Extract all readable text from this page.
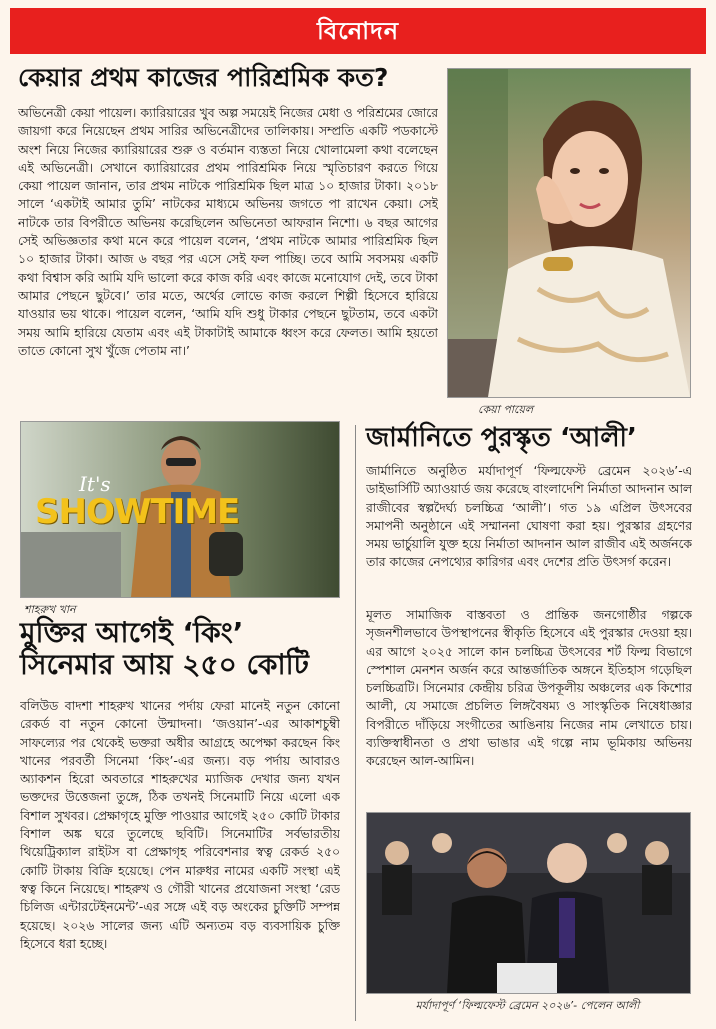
বিনোদন
কেয়ার প্রথম কাজের পারিশ্রমিক কত?

অভিনেত্রী কেয়া পায়েল। ক্যারিয়ারের খুব অল্প সময়েই নিজের মেধা ও পরিশ্রমের জোরে জায়গা করে নিয়েছেন প্রথম সারির অভিনেত্রীদের তালিকায়। সম্প্রতি একটি পডকাস্টে অংশ নিয়ে নিজের ক্যারিয়ারের শুরু ও বর্তমান ব্যস্ততা নিয়ে খোলামেলা কথা বলেছেন এই অভিনেত্রী। সেখানে ক্যারিয়ারের প্রথম পারিশ্রমিক নিয়ে স্মৃতিচারণ করতে গিয়ে কেয়া পায়েল জানান, তার প্রথম নাটকে পারিশ্রমিক ছিল মাত্র ১০ হাজার টাকা। ২০১৮ সালে ‘একটাই আমার তুমি’ নাটকের মাধ্যমে অভিনয় জগতে পা রাখেন কেয়া। সেই নাটকে তার বিপরীতে অভিনয় করেছিলেন অভিনেতা আফরান নিশো। ৬ বছর আগের সেই অভিজ্ঞতার কথা মনে করে পায়েল বলেন, ‘প্রথম নাটকে আমার পারিশ্রমিক ছিল ১০ হাজার টাকা। আজ ৬ বছর পর এসে সেই ফল পাচ্ছি। তবে আমি সবসময় একটি কথা বিশ্বাস করি আমি যদি ভালো করে কাজ করি এবং কাজে মনোযোগ দেই, তবে টাকা আমার পেছনে ছুটবে।’ তার মতে, অর্থের লোভে কাজ করলে শিল্পী হিসেবে হারিয়ে যাওয়ার ভয় থাকে। পায়েল বলেন, ‘আমি যদি শুধু টাকার পেছনে ছুটতাম, তবে একটা সময় আমি হারিয়ে যেতাম এবং এই টাকাটাই আমাকে ধ্বংস করে ফেলত। আমি হয়তো তাতে কোনো সুখ খুঁজে পেতাম না।’

কেয়া পায়েল
It's
SHOWTIME
শাহরুখ খান
মুক্তির আগেই ‘কিং’
সিনেমার আয় ২৫০ কোটি

বলিউড বাদশা শাহরুখ খানের পর্দায় ফেরা মানেই নতুন কোনো রেকর্ড বা নতুন কোনো উন্মাদনা। ‘জওয়ান’-এর আকাশচুম্বী সাফল্যের পর থেকেই ভক্তরা অধীর আগ্রহে অপেক্ষা করছেন কিং খানের পরবর্তী সিনেমা ‘কিং’-এর জন্য। বড় পর্দায় আবারও অ্যাকশন হিরো অবতারে শাহরুখের ম্যাজিক দেখার জন্য যখন ভক্তদের উত্তেজনা তুঙ্গে, ঠিক তখনই সিনেমাটি নিয়ে এলো এক বিশাল সুখবর। প্রেক্ষাগৃহে মুক্তি পাওয়ার আগেই ২৫০ কোটি টাকার বিশাল অঙ্ক ঘরে তুলেছে ছবিটি। সিনেমাটির সর্বভারতীয় থিয়েট্রিক্যাল রাইটস বা প্রেক্ষাগৃহ পরিবেশনার স্বত্ব রেকর্ড ২৫০ কোটি টাকায় বিক্রি হয়েছে। পেন মারুধর নামের একটি সংস্থা এই স্বত্ব কিনে নিয়েছে। শাহরুখ ও গৌরী খানের প্রযোজনা সংস্থা ‘রেড চিলিজ এন্টারটেইনমেন্ট’-এর সঙ্গে এই বড় অংকের চুক্তিটি সম্পন্ন হয়েছে। ২০২৬ সালের জন্য এটি অন্যতম বড় ব্যবসায়িক চুক্তি হিসেবে ধরা হচ্ছে।

জার্মানিতে পুরস্কৃত ‘আলী’

জার্মানিতে অনুষ্ঠিত মর্যাদাপূর্ণ ‘ফিল্মফেস্ট ব্রেমেন ২০২৬’-এ ডাইভার্সিটি অ্যাওয়ার্ড জয় করেছে বাংলাদেশি নির্মাতা আদনান আল রাজীবের স্বল্পদৈর্ঘ্য চলচ্চিত্র ‘আলী’। গত ১৯ এপ্রিল উৎসবের সমাপনী অনুষ্ঠানে এই সম্মাননা ঘোষণা করা হয়। পুরস্কার গ্রহণের সময় ভার্চুয়ালি যুক্ত হয়ে নির্মাতা আদনান আল রাজীব এই অর্জনকে তার কাজের নেপথ্যের কারিগর এবং দেশের প্রতি উৎসর্গ করেন।

মূলত সামাজিক বাস্তবতা ও প্রান্তিক জনগোষ্ঠীর গল্পকে সৃজনশীলভাবে উপস্থাপনের স্বীকৃতি হিসেবে এই পুরস্কার দেওয়া হয়। এর আগে ২০২৫ সালে কান চলচ্চিত্র উৎসবের শর্ট ফিল্ম বিভাগে স্পেশাল মেনশন অর্জন করে আন্তর্জাতিক অঙ্গনে ইতিহাস গড়েছিল চলচ্চিত্রটি। সিনেমার কেন্দ্রীয় চরিত্র উপকূলীয় অঞ্চলের এক কিশোর আলী, যে সমাজে প্রচলিত লিঙ্গবৈষম্য ও সাংস্কৃতিক নিষেধাজ্ঞার বিপরীতে দাঁড়িয়ে সংগীতের আঙিনায় নিজের নাম লেখাতে চায়। ব্যক্তিস্বাধীনতা ও প্রথা ভাঙার এই গল্পে নাম ভূমিকায় অভিনয় করেছেন আল-আমিন।

মর্যাদাপূর্ণ ‘ফিল্মফেস্ট ব্রেমেন ২০২৬’- পেলেন আলী
